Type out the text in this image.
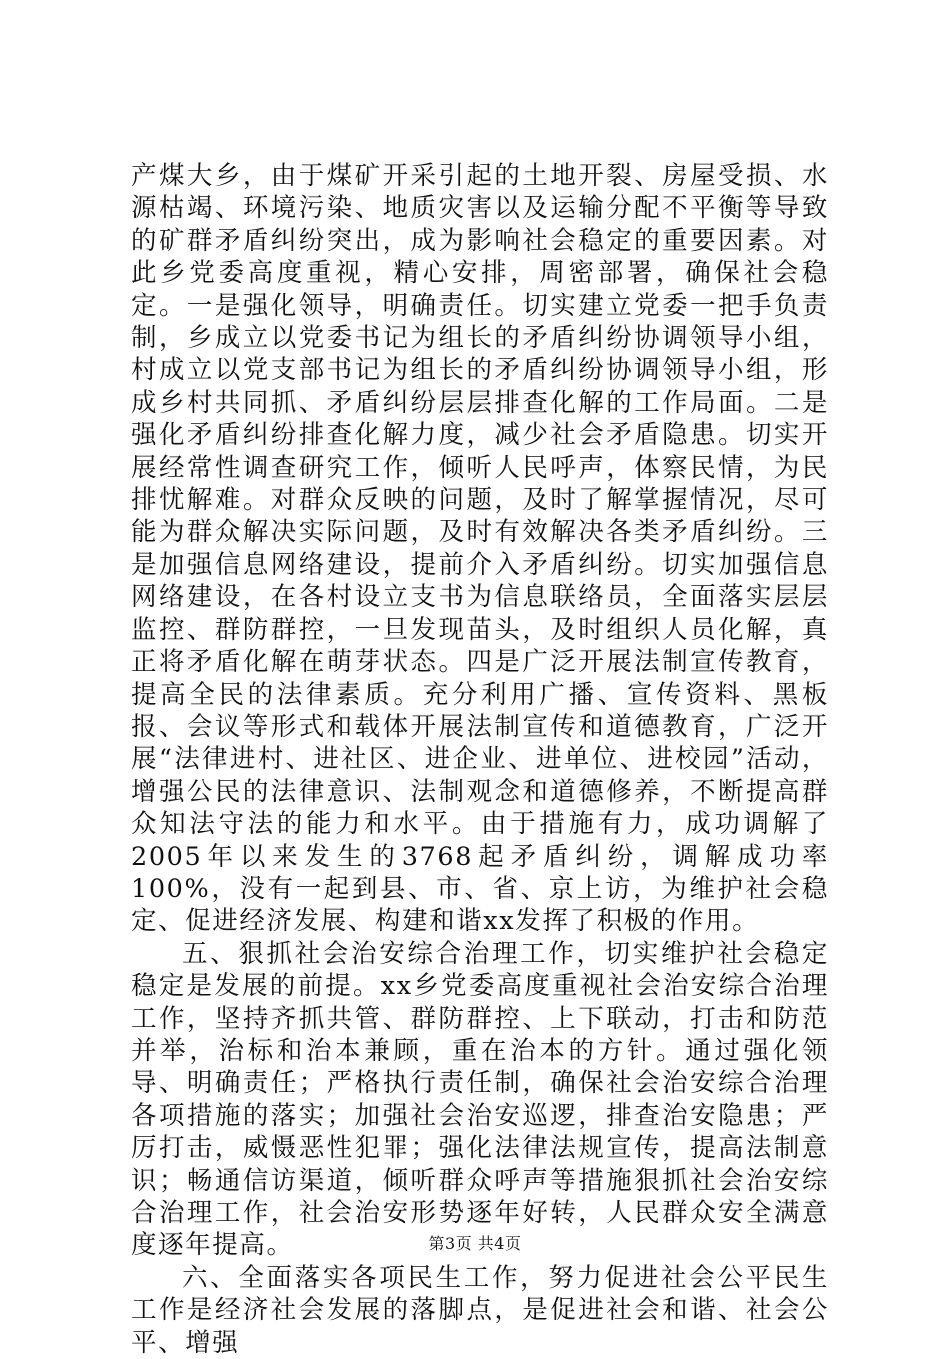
产煤大乡，由于煤矿开采引起的土地开裂、房屋受损、水源枯竭、环境污染、地质灾害以及运输分配不平衡等导致的矿群矛盾纠纷突出，成为影响社会稳定的重要因素。对此乡党委高度重视，精心安排，周密部署，确保社会稳定。一是强化领导，明确责任。切实建立党委一把手负责制，乡成立以党委书记为组长的矛盾纠纷协调领导小组，村成立以党支部书记为组长的矛盾纠纷协调领导小组，形成乡村共同抓、矛盾纠纷层层排查化解的工作局面。二是强化矛盾纠纷排查化解力度，减少社会矛盾隐患。切实开展经常性调查研究工作，倾听人民呼声，体察民情，为民排忧解难。对群众反映的问题，及时了解掌握情况，尽可能为群众解决实际问题，及时有效解决各类矛盾纠纷。三是加强信息网络建设，提前介入矛盾纠纷。切实加强信息网络建设，在各村设立支书为信息联络员，全面落实层层监控、群防群控，一旦发现苗头，及时组织人员化解，真正将矛盾化解在萌芽状态。四是广泛开展法制宣传教育，提高全民的法律素质。充分利用广播、宣传资料、黑板报、会议等形式和载体开展法制宣传和道德教育，广泛开展“法律进村、进社区、进企业、进单位、进校园”活动，增强公民的法律意识、法制观念和道德修养，不断提高群众知法守法的能力和水平。由于措施有力，成功调解了2005年以来发生的3768起矛盾纠纷，调解成功率100%，没有一起到县、市、省、京上访，为维护社会稳定、促进经济发展、构建和谐xx发挥了积极的作用。

五、狠抓社会治安综合治理工作，切实维护社会稳定稳定是发展的前提。xx乡党委高度重视社会治安综合治理工作，坚持齐抓共管、群防群控、上下联动，打击和防范并举，治标和治本兼顾，重在治本的方针。通过强化领导、明确责任；严格执行责任制，确保社会治安综合治理各项措施的落实；加强社会治安巡逻，排查治安隐患；严厉打击，威慑恶性犯罪；强化法律法规宣传，提高法制意识；畅通信访渠道，倾听群众呼声等措施狠抓社会治安综合治理工作，社会治安形势逐年好转，人民群众安全满意度逐年提高。

六、全面落实各项民生工作，努力促进社会公平民生工作是经济社会发展的落脚点，是促进社会和谐、社会公平、增强

第3页 共4页
